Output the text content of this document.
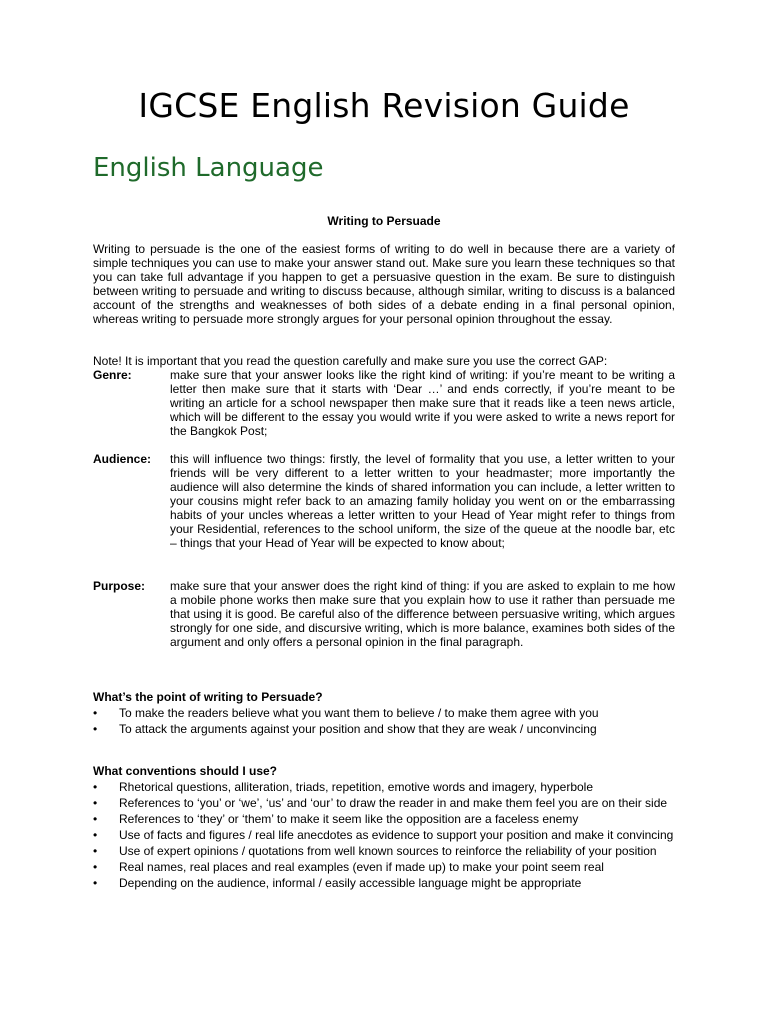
IGCSE English Revision Guide
English Language
Writing to Persuade
Writing to persuade is the one of the easiest forms of writing to do well in because there are a variety of simple techniques you can use to make your answer stand out. Make sure you learn these techniques so that you can take full advantage if you happen to get a persuasive question in the exam. Be sure to distinguish between writing to persuade and writing to discuss because, although similar, writing to discuss is a balanced account of the strengths and weaknesses of both sides of a debate ending in a final personal opinion, whereas writing to persuade more strongly argues for your personal opinion throughout the essay.
Note! It is important that you read the question carefully and make sure you use the correct GAP:
Genre:	make sure that your answer looks like the right kind of writing: if you’re meant to be writing a letter then make sure that it starts with ‘Dear …’ and ends correctly, if you’re meant to be writing an article for a school newspaper then make sure that it reads like a teen news article, which will be different to the essay you would write if you were asked to write a news report for the Bangkok Post;
Audience: this will influence two things: firstly, the level of formality that you use, a letter written to your friends will be very different to a letter written to your headmaster; more importantly the audience will also determine the kinds of shared information you can include, a letter written to your cousins might refer back to an amazing family holiday you went on or the embarrassing habits of your uncles whereas a letter written to your Head of Year might refer to things from your Residential, references to the school uniform, the size of the queue at the noodle bar, etc – things that your Head of Year will be expected to know about;
Purpose: make sure that your answer does the right kind of thing: if you are asked to explain to me how a mobile phone works then make sure that you explain how to use it rather than persuade me that using it is good. Be careful also of the difference between persuasive writing, which argues strongly for one side, and discursive writing, which is more balance, examines both sides of the argument and only offers a personal opinion in the final paragraph.
What’s the point of writing to Persuade?
• To make the readers believe what you want them to believe / to make them agree with you
• To attack the arguments against your position and show that they are weak / unconvincing
What conventions should I use?
• Rhetorical questions, alliteration, triads, repetition, emotive words and imagery, hyperbole
• References to ‘you’ or ‘we’, ‘us’ and ‘our’ to draw the reader in and make them feel you are on their side
• References to ‘they’ or ‘them’ to make it seem like the opposition are a faceless enemy
• Use of facts and figures / real life anecdotes as evidence to support your position and make it convincing
• Use of expert opinions / quotations from well known sources to reinforce the reliability of your position
• Real names, real places and real examples (even if made up) to make your point seem real
• Depending on the audience, informal / easily accessible language might be appropriate
